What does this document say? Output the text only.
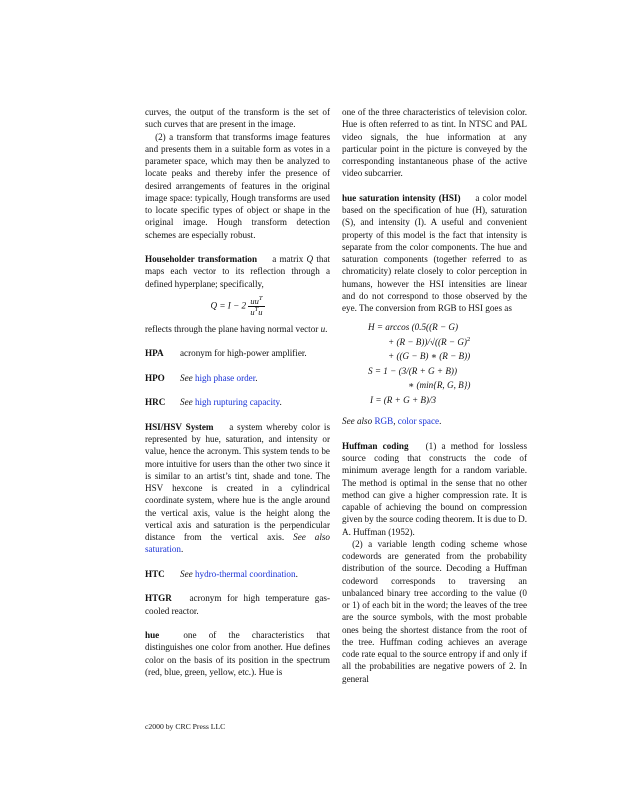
curves, the output of the transform is the set of such curves that are present in the image.

(2) a transform that transforms image features and presents them in a suitable form as votes in a parameter space, which may then be analyzed to locate peaks and thereby infer the presence of desired arrangements of features in the original image space: typically, Hough transforms are used to locate specific types of object or shape in the original image. Hough transform detection schemes are especially robust.

Householder transformation a matrix Q that maps each vector to its reflection through a defined hyperplane; specifically,

$Q = I - 2 \frac{uu^T}{u^Tu}$

reflects through the plane having normal vector u.

HPA	acronym for high-power amplifier.

HPO	See high phase order.

HRC	See high rupturing capacity.

HSI/HSV System a system whereby color is represented by hue, saturation, and intensity or value, hence the acronym. This system tends to be more intuitive for users than the other two since it is similar to an artist’s tint, shade and tone. The HSV hexcone is created in a cylindrical coordinate system, where hue is the angle around the vertical axis, value is the height along the vertical axis and saturation is the perpendicular distance from the vertical axis. See also saturation.

HTC	See hydro-thermal coordination.

HTGR acronym for high temperature gas-cooled reactor.

hue	one of the characteristics that distinguishes one color from another. Hue defines color on the basis of its position in the spectrum (red, blue, green, yellow, etc.). Hue is

one of the three characteristics of television color. Hue is often referred to as tint. In NTSC and PAL video signals, the hue information at any particular point in the picture is conveyed by the corresponding instantaneous phase of the active video subcarrier.

hue saturation intensity (HSI) a color model based on the specification of hue (H), saturation (S), and intensity (I). A useful and convenient property of this model is the fact that intensity is separate from the color components. The hue and saturation components (together referred to as chromaticity) relate closely to color perception in humans, however the HSI intensities are linear and do not correspond to those observed by the eye. The conversion from RGB to HSI goes as

H = arccos (0.5((R − G)
+ $(R - B))/√((R - G)^2$
+ ((G − B) ∗ (R − B))
S = 1 − (3/(R + G + B))
∗ (min{R, G, B})
I = (R + G + B)/3

See also RGB, color space.

Huffman coding (1) a method for lossless source coding that constructs the code of minimum average length for a random variable. The method is optimal in the sense that no other method can give a higher compression rate. It is capable of achieving the bound on compression given by the source coding theorem. It is due to D. A. Huffman (1952).

(2) a variable length coding scheme whose codewords are generated from the probability distribution of the source. Decoding a Huffman codeword corresponds to traversing an unbalanced binary tree according to the value (0 or 1) of each bit in the word; the leaves of the tree are the source symbols, with the most probable ones being the shortest distance from the root of the tree. Huffman coding achieves an average code rate equal to the source entropy if and only if all the probabilities are negative powers of 2. In general

c2000 by CRC Press LLC
